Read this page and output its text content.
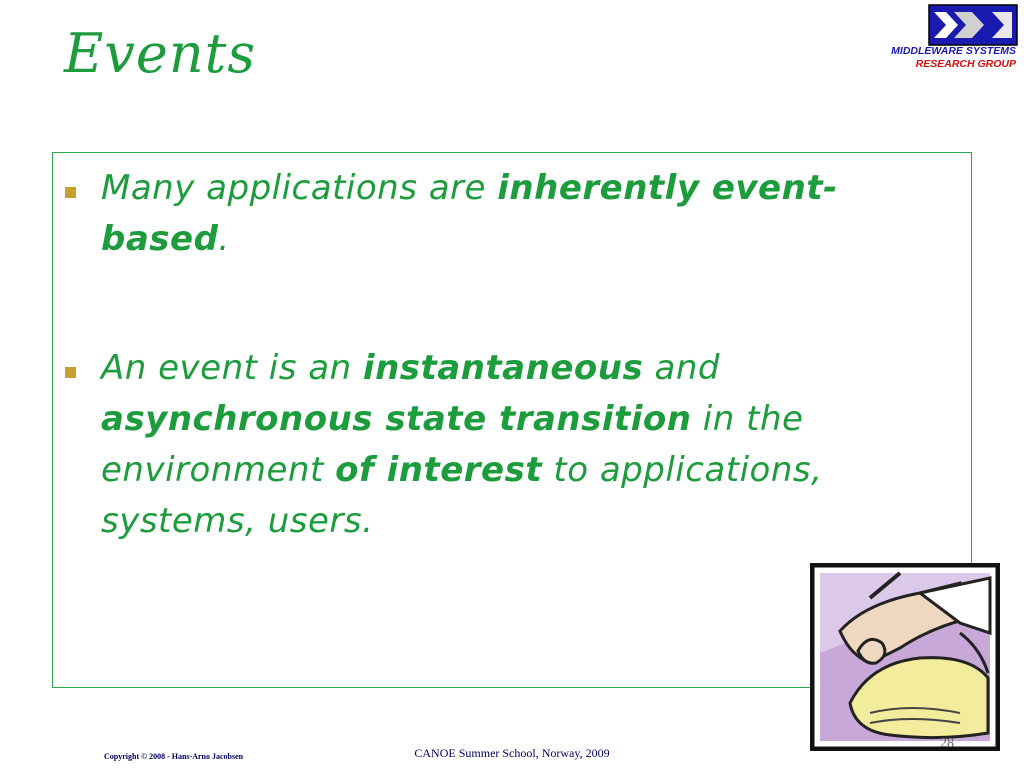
Events	MIDDLEWARE SYSTEMS
RESEARCH GROUP
Many applications are inherently event-based.
An event is an instantaneous and asynchronous state transition in the environment of interest to applications, systems, users.
Copyright © 2008 - Hans-Arno Jacobsen	CANOE Summer School, Norway, 2009
28
